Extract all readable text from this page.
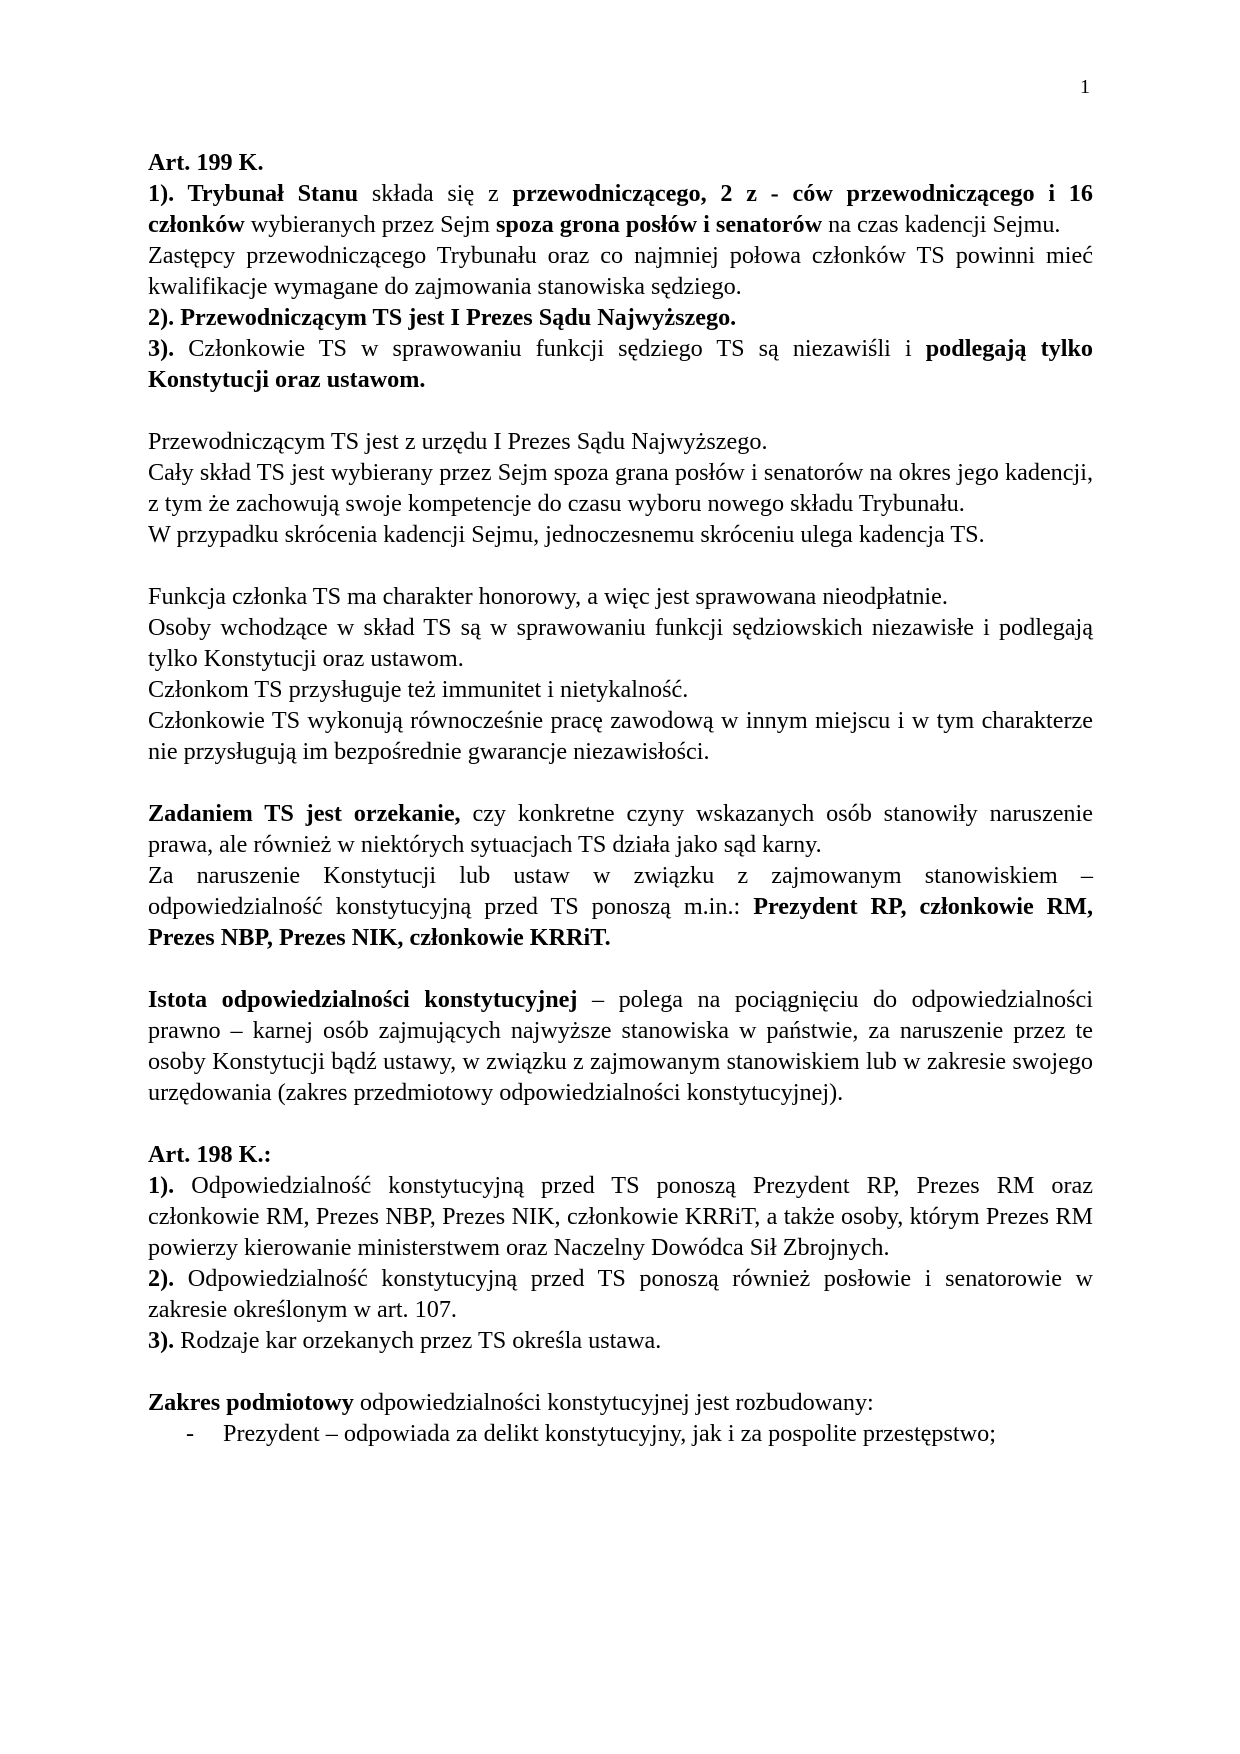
1

Art. 199 K.

1). Trybunał Stanu składa się z przewodniczącego, 2 z - ców przewodniczącego i 16 członków wybieranych przez Sejm spoza grona posłów i senatorów na czas kadencji Sejmu.

Zastępcy przewodniczącego Trybunału oraz co najmniej połowa członków TS powinni mieć kwalifikacje wymagane do zajmowania stanowiska sędziego.

2). Przewodniczącym TS jest I Prezes Sądu Najwyższego.

3). Członkowie TS w sprawowaniu funkcji sędziego TS są niezawiśli i podlegają tylko Konstytucji oraz ustawom.

Przewodniczącym TS jest z urzędu I Prezes Sądu Najwyższego.

Cały skład TS jest wybierany przez Sejm spoza grana posłów i senatorów na okres jego kadencji, z tym że zachowują swoje kompetencje do czasu wyboru nowego składu Trybunału.

W przypadku skrócenia kadencji Sejmu, jednoczesnemu skróceniu ulega kadencja TS.

Funkcja członka TS ma charakter honorowy, a więc jest sprawowana nieodpłatnie.

Osoby wchodzące w skład TS są w sprawowaniu funkcji sędziowskich niezawisłe i podlegają tylko Konstytucji oraz ustawom.

Członkom TS przysługuje też immunitet i nietykalność.

Członkowie TS wykonują równocześnie pracę zawodową w innym miejscu i w tym charakterze nie przysługują im bezpośrednie gwarancje niezawisłości.

Zadaniem TS jest orzekanie, czy konkretne czyny wskazanych osób stanowiły naruszenie prawa, ale również w niektórych sytuacjach TS działa jako sąd karny.

Za naruszenie Konstytucji lub ustaw w związku z zajmowanym stanowiskiem – odpowiedzialność konstytucyjną przed TS ponoszą m.in.: Prezydent RP, członkowie RM, Prezes NBP, Prezes NIK, członkowie KRRiT.

Istota odpowiedzialności konstytucyjnej – polega na pociągnięciu do odpowiedzialności prawno – karnej osób zajmujących najwyższe stanowiska w państwie, za naruszenie przez te osoby Konstytucji bądź ustawy, w związku z zajmowanym stanowiskiem lub w zakresie swojego urzędowania (zakres przedmiotowy odpowiedzialności konstytucyjnej).

Art. 198 K.:

1). Odpowiedzialność konstytucyjną przed TS ponoszą Prezydent RP, Prezes RM oraz członkowie RM, Prezes NBP, Prezes NIK, członkowie KRRiT, a także osoby, którym Prezes RM powierzy kierowanie ministerstwem oraz Naczelny Dowódca Sił Zbrojnych.

2). Odpowiedzialność konstytucyjną przed TS ponoszą również posłowie i senatorowie w zakresie określonym w art. 107.

3). Rodzaje kar orzekanych przez TS określa ustawa.

Zakres podmiotowy odpowiedzialności konstytucyjnej jest rozbudowany:

- Prezydent – odpowiada za delikt konstytucyjny, jak i za pospolite przestępstwo;
